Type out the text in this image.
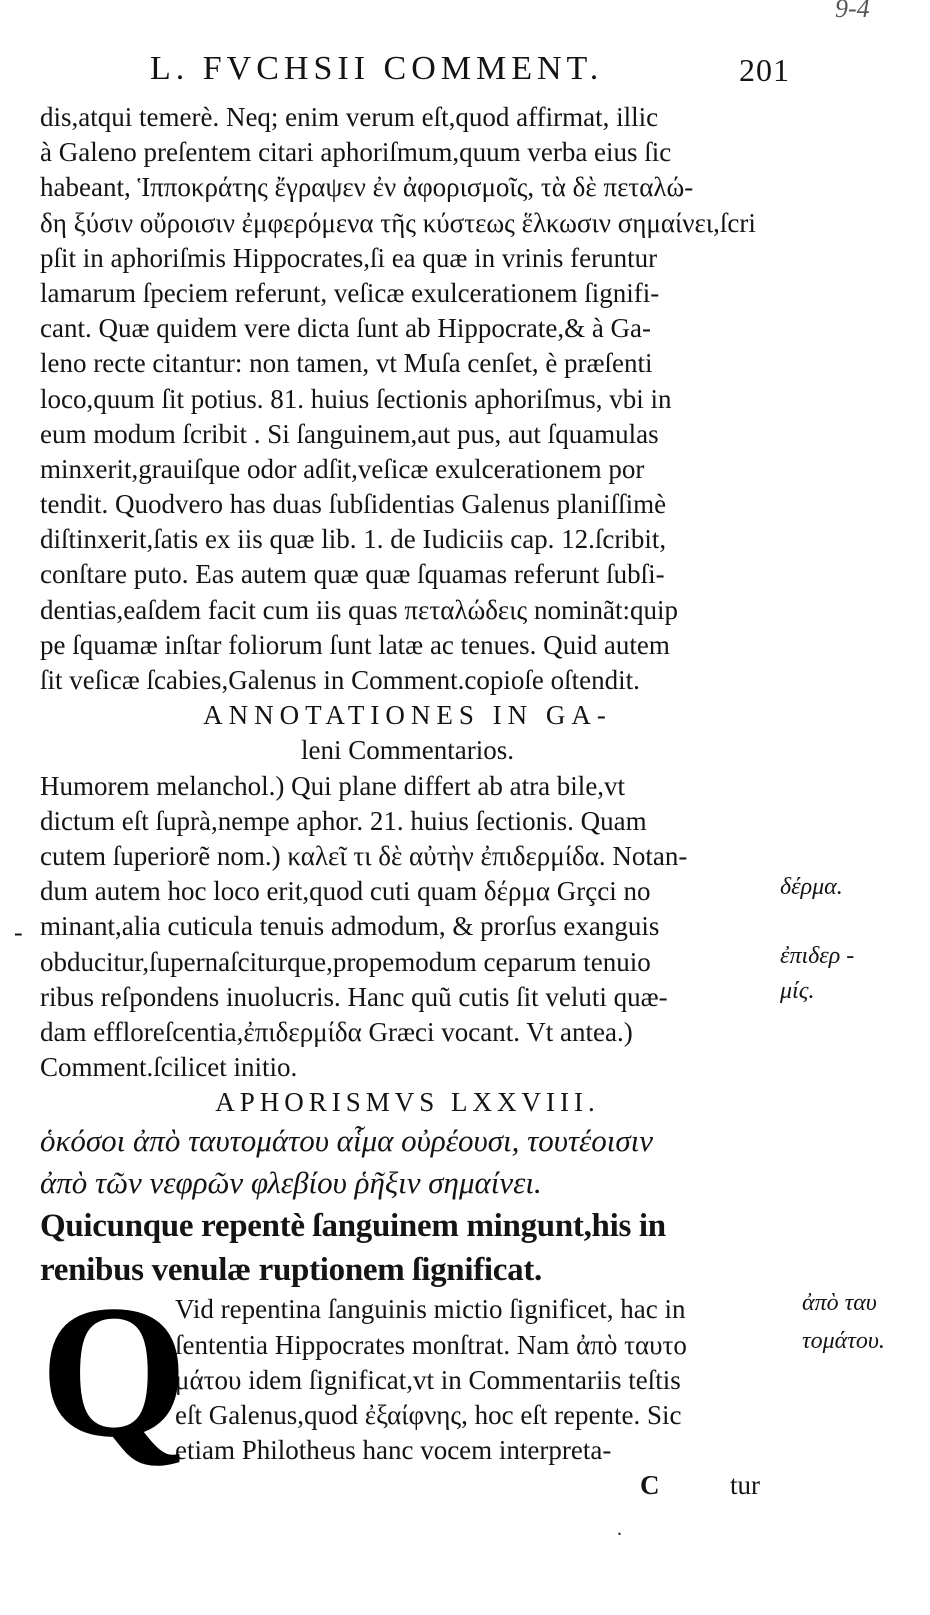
9-4
-
L. FVCHSII COMMENT.	201
dis,atqui temerè. Neq; enim verum eſt,quod affirmat, illic
à Galeno preſentem citari aphoriſmum,quum verba eius ſic
habeant, Ἱπποκράτης ἔγραψεν ἐν ἀφορισμοῖς, τὰ δὲ πεταλώ-
δη ξύσιν οὔροισιν ἐμφερόμενα τῆς κύστεως ἕλκωσιν σημαίνει,ſcri
pſit in aphoriſmis Hippocrates,ſi ea quæ in vrinis feruntur
lamarum ſpeciem referunt, veſicæ exulcerationem ſignifi-
cant. Quæ quidem vere dicta ſunt ab Hippocrate,& à Ga-
leno recte citantur: non tamen, vt Muſa cenſet, è præſenti
loco,quum ſit potius. 81. huius ſectionis aphoriſmus, vbi in
eum modum ſcribit . Si ſanguinem,aut pus, aut ſquamulas
minxerit,grauiſque odor adſit,veſicæ exulcerationem por
tendit. Quodvero has duas ſubſidentias Galenus planiſſimè
diſtinxerit,ſatis ex iis quæ lib. 1. de Iudiciis cap. 12.ſcribit,
conſtare puto. Eas autem quæ quæ ſquamas referunt ſubſi-
dentias,eaſdem facit cum iis quas πεταλώδεις nominãt:quip
pe ſquamæ inſtar foliorum ſunt latæ ac tenues. Quid autem
ſit veſicæ ſcabies,Galenus in Comment.copioſe oſtendit.
ANNOTATIONES IN GA-
leni Commentarios.
Humorem melanchol.) Qui plane differt ab atra bile,vt
dictum eſt ſuprà,nempe aphor. 21. huius ſectionis. Quam
cutem ſuperiorẽ nom.) καλεῖ τι δὲ αὐτὴν ἐπιδερμίδα. Notan-
dum autem hoc loco erit,quod cuti quam δέρμα Grçci no
minant,alia cuticula tenuis admodum, & prorſus exanguis
obducitur,ſupernaſciturque,propemodum ceparum tenuio
ribus reſpondens inuolucris. Hanc quũ cutis ſit veluti quæ-
dam effloreſcentia,ἐπιδερμίδα Græci vocant. Vt antea.)
Comment.ſcilicet initio.
APHORISMVS LXXVIII.
ὁκόσοι ἀπὸ ταυτομάτου αἷμα οὐρέουσι, τουτέοισιν
ἀπὸ τῶν νεφρῶν φλεβίου ῥῆξιν σημαίνει.
Quicunque repentè ſanguinem mingunt,his in
renibus venulæ ruptionem ſignificat.
Q
Vid repentina ſanguinis mictio ſignificet, hac in
ſententia Hippocrates monſtrat. Nam ἀπὸ ταυτο
μάτου idem ſignificat,vt in Commentariis teſtis
eſt Galenus,quod ἐξαίφνης, hoc eſt repente. Sic
etiam Philotheus hanc vocem interpreta-
C	tur
δέρμα.
ἐπιδερ -
μίς.
ἀπὸ ταυ
τομάτου.
.
